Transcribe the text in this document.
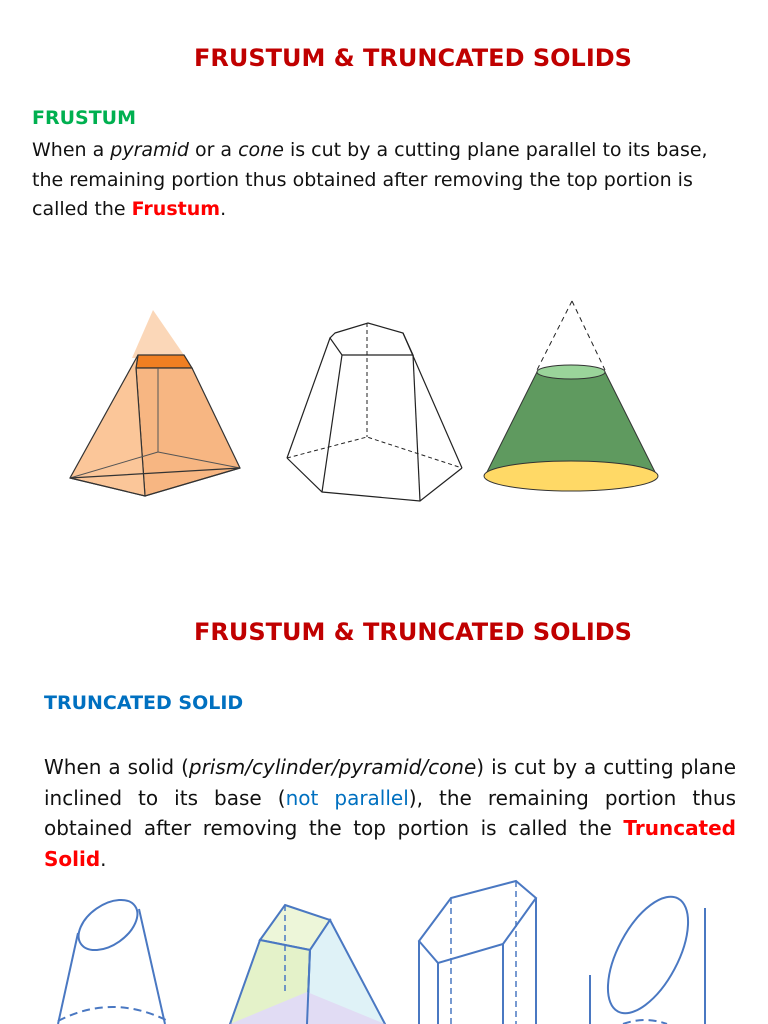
FRUSTUM & TRUNCATED SOLIDS
FRUSTUM

When a pyramid or a cone is cut by a cutting plane parallel to its base, the remaining portion thus obtained after removing the top portion is called the Frustum.

FRUSTUM & TRUNCATED SOLIDS
TRUNCATED SOLID

When a solid (prism/cylinder/pyramid/cone) is cut by a cutting plane inclined to its base (not parallel), the remaining portion thus obtained after removing the top portion is called the Truncated Solid.
